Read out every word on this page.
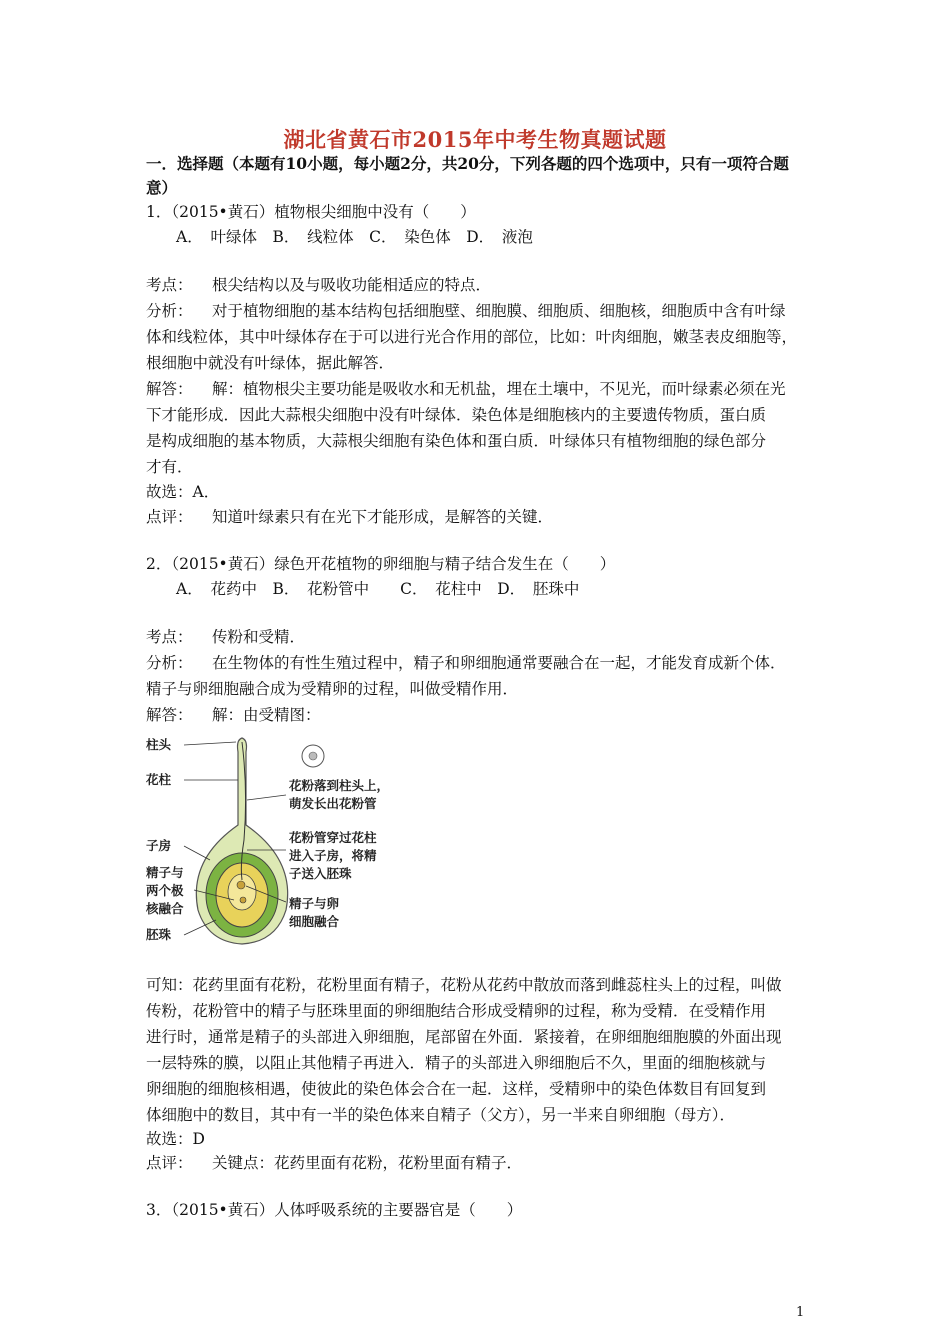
湖北省黄石市2015年中考生物真题试题
一．选择题（本题有10小题，每小题2分，共20分，下列各题的四个选项中，只有一项符合题
意）
1．（2015•黄石）植物根尖细胞中没有（　　）
A．　叶绿体　B．　线粒体　C．　染色体　D．　液泡
考点： 根尖结构以及与吸收功能相适应的特点．
分析： 对于植物细胞的基本结构包括细胞壁、细胞膜、细胞质、细胞核，细胞质中含有叶绿
体和线粒体，其中叶绿体存在于可以进行光合作用的部位，比如：叶肉细胞，嫩茎表皮细胞等，
根细胞中就没有叶绿体，据此解答．
解答： 解：植物根尖主要功能是吸收水和无机盐，埋在土壤中，不见光，而叶绿素必须在光
下才能形成．因此大蒜根尖细胞中没有叶绿体．染色体是细胞核内的主要遗传物质，蛋白质
是构成细胞的基本物质，大蒜根尖细胞有染色体和蛋白质．叶绿体只有植物细胞的绿色部分
才有．
故选：A．
点评： 知道叶绿素只有在光下才能形成，是解答的关键．
2．（2015•黄石）绿色开花植物的卵细胞与精子结合发生在（　　）
A．　花药中　B．　花粉管中　　C．　花柱中　D．　胚珠中
考点： 传粉和受精．
分析： 在生物体的有性生殖过程中，精子和卵细胞通常要融合在一起，才能发育成新个体．
精子与卵细胞融合成为受精卵的过程，叫做受精作用．
解答： 解：由受精图：
柱头
花柱
子房
精子与
两个极
核融合
胚珠
花粉落到柱头上，
萌发长出花粉管
花粉管穿过花柱
进入子房，将精
子送入胚珠
精子与卵
细胞融合
可知：花药里面有花粉，花粉里面有精子，花粉从花药中散放而落到雌蕊柱头上的过程，叫做
传粉，花粉管中的精子与胚珠里面的卵细胞结合形成受精卵的过程，称为受精．在受精作用
进行时，通常是精子的头部进入卵细胞，尾部留在外面．紧接着，在卵细胞细胞膜的外面出现
一层特殊的膜，以阻止其他精子再进入．精子的头部进入卵细胞后不久，里面的细胞核就与
卵细胞的细胞核相遇，使彼此的染色体会合在一起．这样，受精卵中的染色体数目有回复到
体细胞中的数目，其中有一半的染色体来自精子（父方），另一半来自卵细胞（母方）．
故选：D
点评： 关键点：花药里面有花粉，花粉里面有精子．
3．（2015•黄石）人体呼吸系统的主要器官是（　　）
1
